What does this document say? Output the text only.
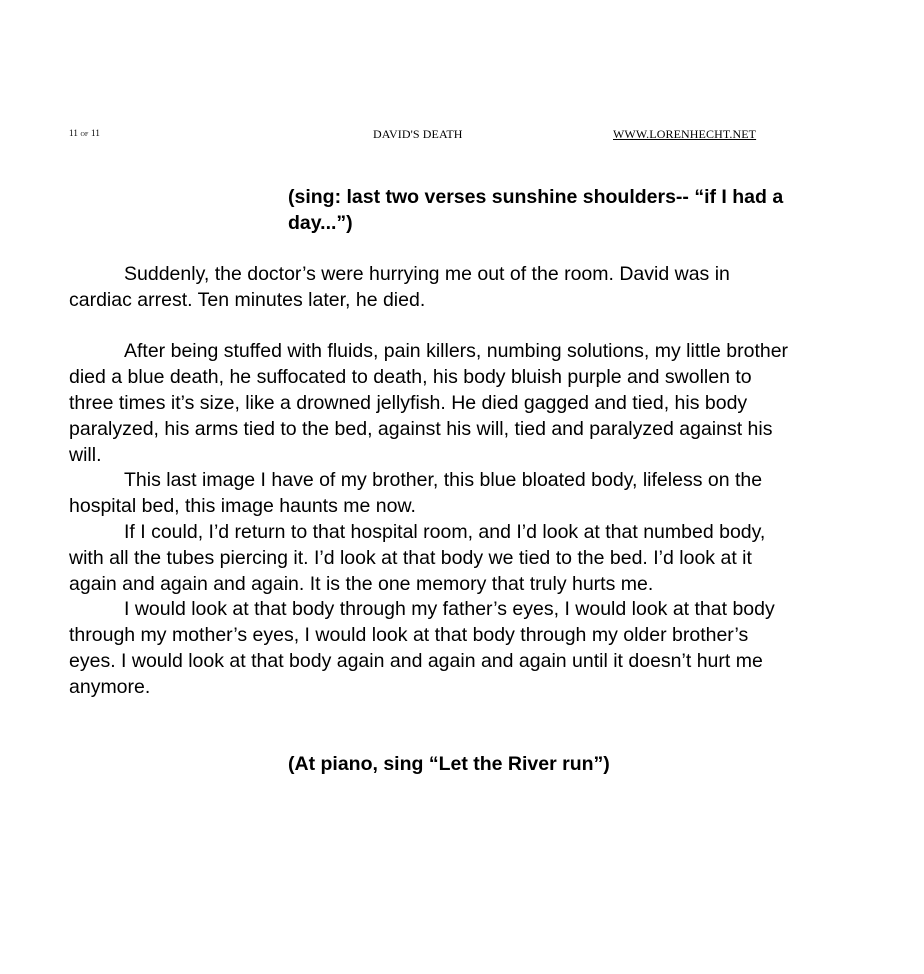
11 of 11	DAVID'S DEATH	WWW.LORENHECHT.NET
(sing: last two verses sunshine shoulders-- “if I had a day...”)

Suddenly, the doctor’s were hurrying me out of the room. David was in cardiac arrest. Ten minutes later, he died.

After being stuffed with fluids, pain killers, numbing solutions, my little brother died a blue death, he suffocated to death, his body bluish purple and swollen to three times it’s size, like a drowned jellyfish. He died gagged and tied, his body paralyzed, his arms tied to the bed, against his will, tied and paralyzed against his will.

This last image I have of my brother, this blue bloated body, lifeless on the hospital bed, this image haunts me now.

If I could, I’d return to that hospital room, and I’d look at that numbed body, with all the tubes piercing it. I’d look at that body we tied to the bed. I’d look at it again and again and again. It is the one memory that truly hurts me.

I would look at that body through my father’s eyes, I would look at that body through my mother’s eyes, I would look at that body through my older brother’s eyes. I would look at that body again and again and again until it doesn’t hurt me anymore.

(At piano, sing “Let the River run”)
